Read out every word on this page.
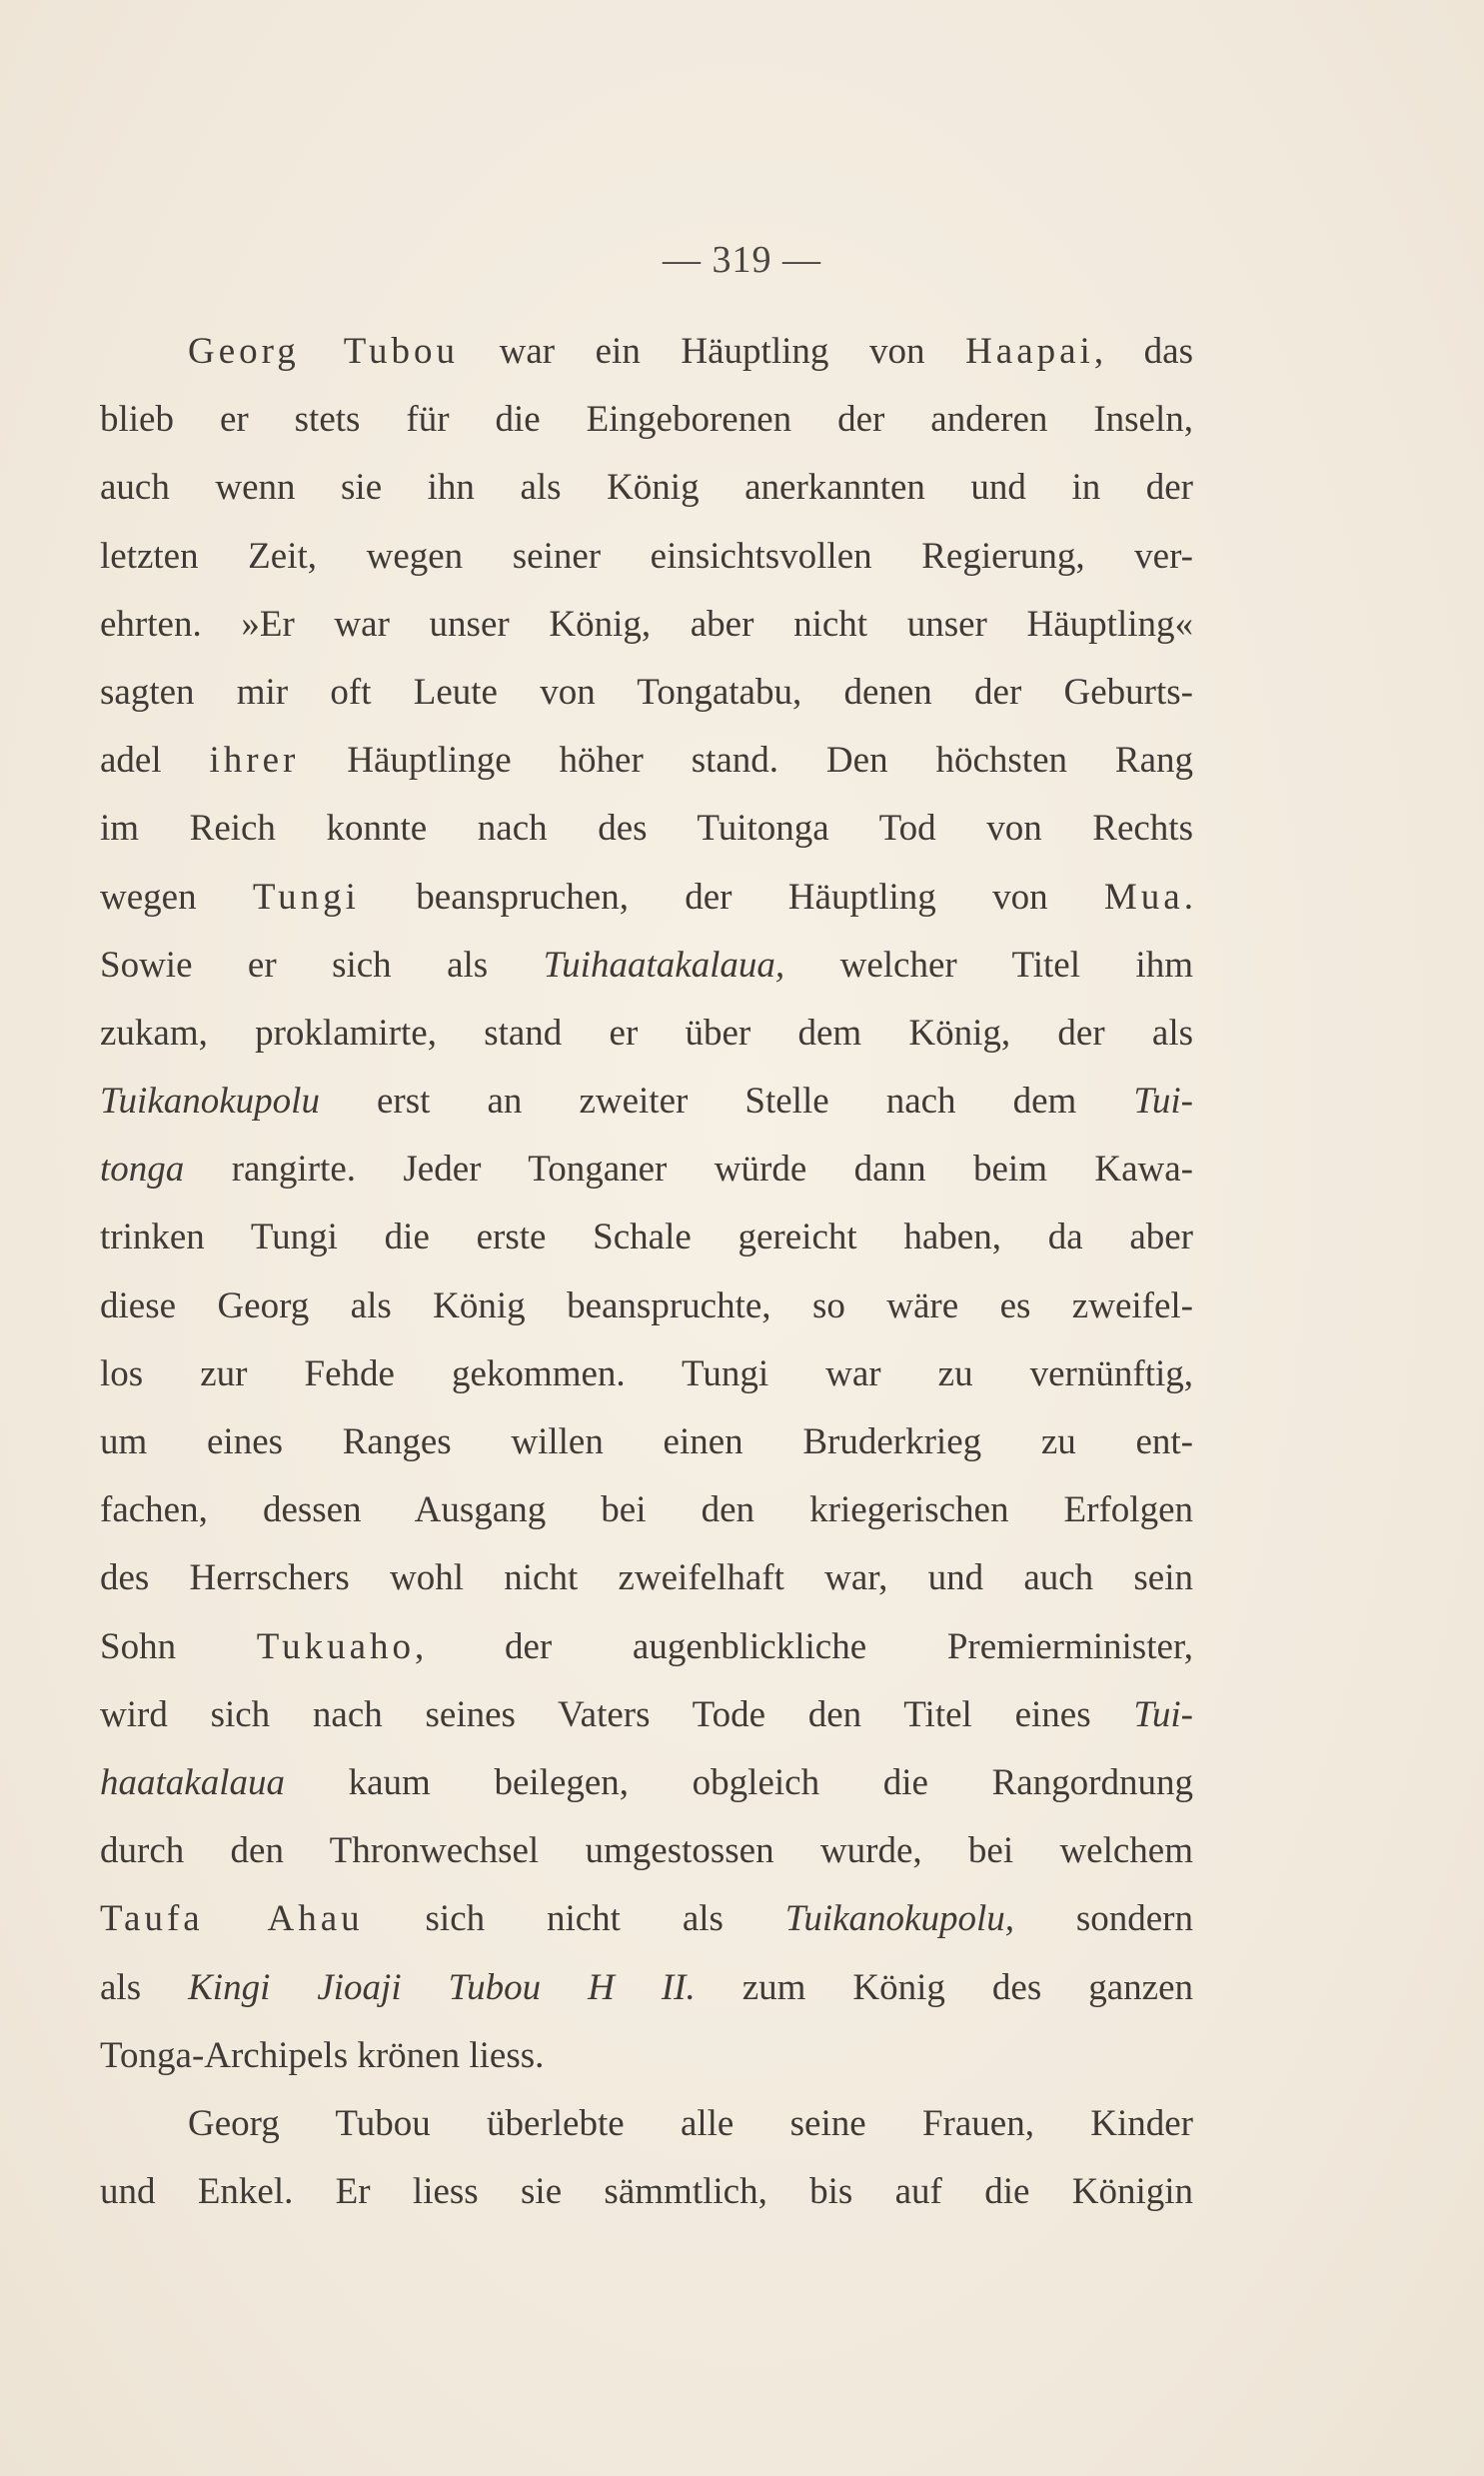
— 319 —
Georg Tubou war ein Häuptling von Haapai, das
blieb er stets für die Eingeborenen der anderen Inseln,
auch wenn sie ihn als König anerkannten und in der
letzten Zeit, wegen seiner einsichtsvollen Regierung, ver-
ehrten. »Er war unser König, aber nicht unser Häuptling«
sagten mir oft Leute von Tongatabu, denen der Geburts-
adel ihrer Häuptlinge höher stand. Den höchsten Rang
im Reich konnte nach des Tuitonga Tod von Rechts
wegen Tungi beanspruchen, der Häuptling von Mua.
Sowie er sich als Tuihaatakalaua, welcher Titel ihm
zukam, proklamirte, stand er über dem König, der als
Tuikanokupolu erst an zweiter Stelle nach dem Tui-
tonga rangirte. Jeder Tonganer würde dann beim Kawa-
trinken Tungi die erste Schale gereicht haben, da aber
diese Georg als König beanspruchte, so wäre es zweifel-
los zur Fehde gekommen. Tungi war zu vernünftig,
um eines Ranges willen einen Bruderkrieg zu ent-
fachen, dessen Ausgang bei den kriegerischen Erfolgen
des Herrschers wohl nicht zweifelhaft war, und auch sein
Sohn Tukuaho, der augenblickliche Premierminister,
wird sich nach seines Vaters Tode den Titel eines Tui-
haatakalaua kaum beilegen, obgleich die Rangordnung
durch den Thronwechsel umgestossen wurde, bei welchem
Taufa Ahau sich nicht als Tuikanokupolu, sondern
als Kingi Jioaji Tubou H II. zum König des ganzen
Tonga-Archipels krönen liess.
Georg Tubou überlebte alle seine Frauen, Kinder
und Enkel. Er liess sie sämmtlich, bis auf die Königin
